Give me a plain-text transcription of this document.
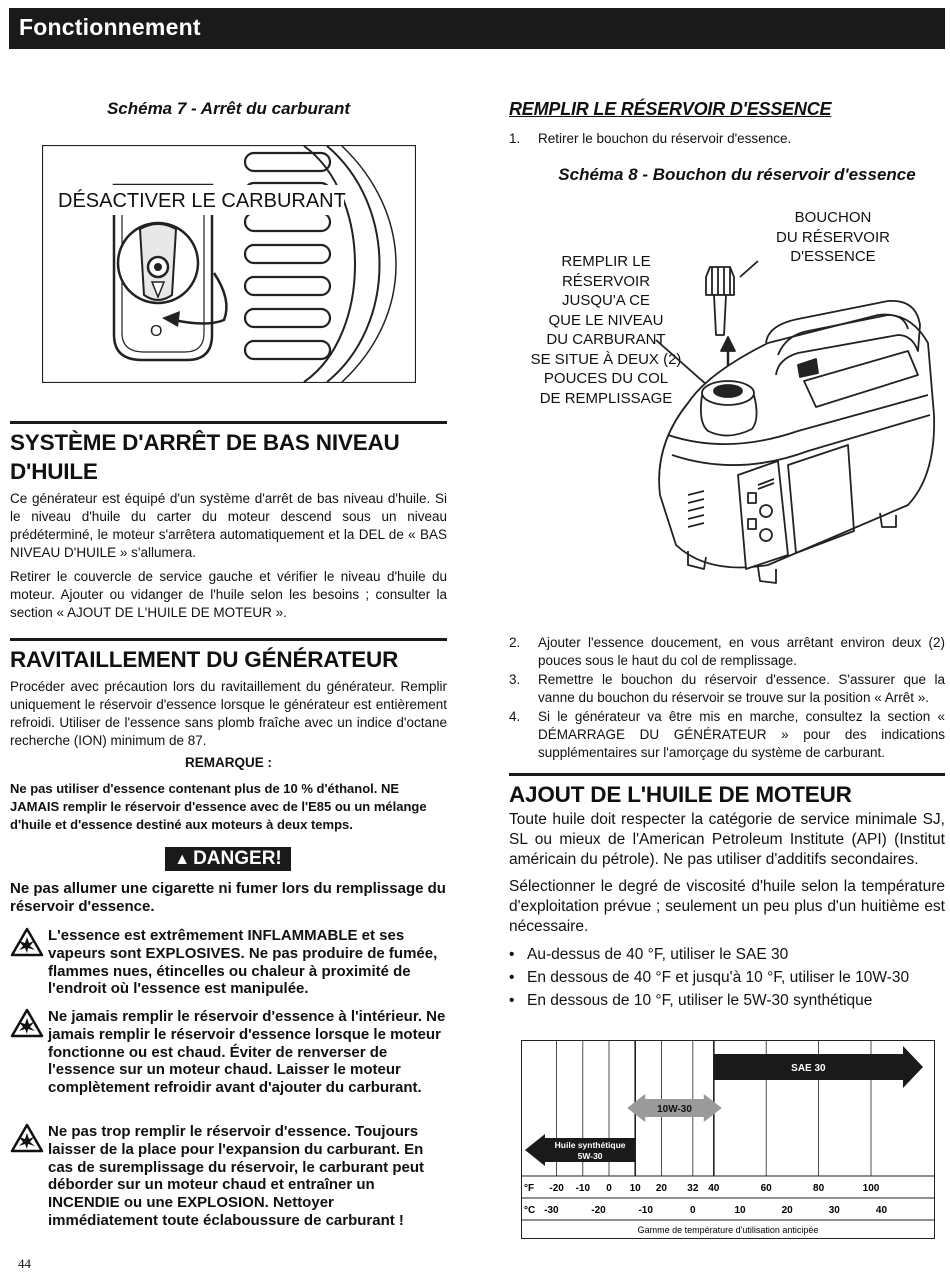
Fonctionnement
Schéma 7 - Arrêt du carburant
O
DÉSACTIVER LE CARBURANT
SYSTÈME D'ARRÊT DE BAS NIVEAU
D'HUILE

Ce générateur est équipé d'un système d'arrêt de bas niveau d'huile. Si le niveau d'huile du carter du moteur descend sous un niveau prédéterminé, le moteur s'arrêtera automatiquement et la DEL de « BAS NIVEAU D'HUILE » s'allumera.

Retirer le couvercle de service gauche et vérifier le niveau d'huile du moteur. Ajouter ou vidanger de l'huile selon les besoins ; consulter la section « AJOUT DE L'HUILE DE MOTEUR ».

RAVITAILLEMENT DU GÉNÉRATEUR

Procéder avec précaution lors du ravitaillement du générateur. Remplir uniquement le réservoir d'essence lorsque le générateur est entièrement refroidi. Utiliser de l'essence sans plomb fraîche avec un indice d'octane recherche (ION) minimum de 87.

REMARQUE :

Ne pas utiliser d'essence contenant plus de 10 % d'éthanol. NE JAMAIS remplir le réservoir d'essence avec de l'E85 ou un mélange d'huile et d'essence destiné aux moteurs à deux temps.

▲ DANGER!

Ne pas allumer une cigarette ni fumer lors du remplissage du réservoir d'essence.

L'essence est extrêmement INFLAMMABLE et ses vapeurs sont EXPLOSIVES. Ne pas produire de fumée, flammes nues, étincelles ou chaleur à proximité de l'endroit où l'essence est manipulée.

Ne jamais remplir le réservoir d'essence à l'intérieur. Ne jamais remplir le réservoir d'essence lorsque le moteur fonctionne ou est chaud. Éviter de renverser de l'essence sur un moteur chaud. Laisser le moteur complètement refroidir avant d'ajouter du carburant.

Ne pas trop remplir le réservoir d'essence. Toujours laisser de la place pour l'expansion du carburant. En cas de suremplissage du réservoir, le carburant peut déborder sur un moteur chaud et entraîner un INCENDIE ou une EXPLOSION. Nettoyer immédiatement toute éclaboussure de carburant !

44
REMPLIR LE RÉSERVOIR D'ESSENCE
1. Retirer le bouchon du réservoir d'essence.
Schéma 8 - Bouchon du réservoir d'essence
BOUCHON
DU RÉSERVOIR
D'ESSENCE
REMPLIR LE
RÉSERVOIR
JUSQU'A CE
QUE LE NIVEAU
DU CARBURANT
SE SITUE À DEUX (2)
POUCES DU COL
DE REMPLISSAGE
2. Ajouter l'essence doucement, en vous arrêtant environ deux (2) pouces sous le haut du col de remplissage.
3. Remettre le bouchon du réservoir d'essence. S'assurer que la vanne du bouchon du réservoir se trouve sur la position « Arrêt ».
4. Si le générateur va être mis en marche, consultez la section « DÉMARRAGE DU GÉNÉRATEUR » pour des indications supplémentaires sur l'amorçage du système de carburant.
AJOUT DE L'HUILE DE MOTEUR

Toute huile doit respecter la catégorie de service minimale SJ, SL ou mieux de l'American Petroleum Institute (API) (Institut américain du pétrole). Ne pas utiliser d'additifs secondaires.

Sélectionner le degré de viscosité d'huile selon la température d'exploitation prévue ; seulement un peu plus d'un huitième est nécessaire.

• Au-dessus de 40 °F, utiliser le SAE 30
• En dessous de 40 °F et jusqu'à 10 °F, utiliser le 10W-30
• En dessous de 10 °F, utiliser le 5W-30 synthétique
SAE 30
10W-30
Huile synthétique
5W-30
°F
°C
-20 -10 0 10 20 32 40	60	80	100
-30	-20	-10	0	10	20	30	40
Gamme de température d'utilisation anticipée
